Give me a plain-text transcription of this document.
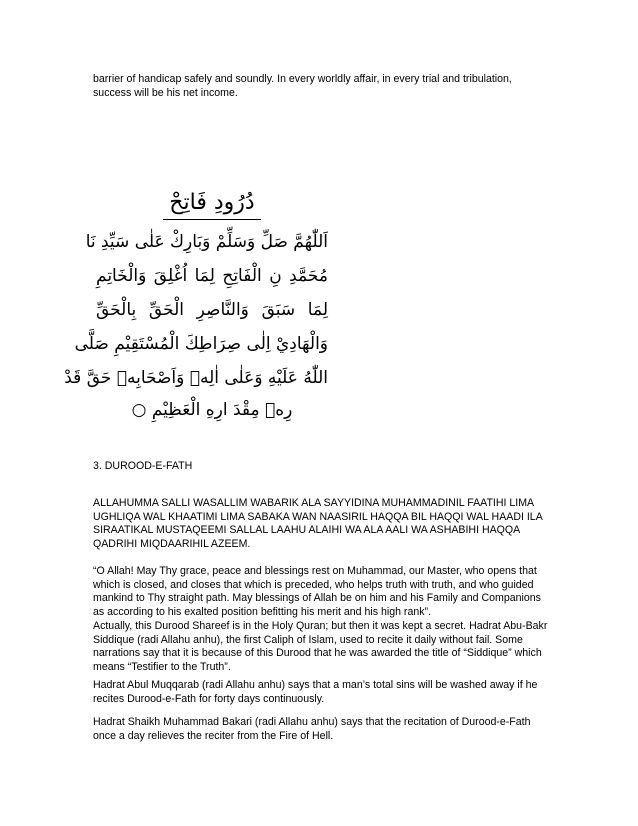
barrier of handicap safely and soundly. In every worldly affair, in every trial and tribulation, success will be his net income.

دُرُودِ فَاتِحْ
اَللّٰهُمَّ صَلِّ وَسَلِّمْ وَبَارِكْ عَلٰى سَيِّدِ نَا
مُحَمَّدِ نِ الْفَاتِحِ لِمَا اُغْلِقَ وَالْخَاتِمِ
لِمَا سَبَقَ وَالنَّاصِرِ الْحَقِّ بِالْحَقِّ
وَالْهَادِيْ اِلٰى صِرَاطِكَ الْمُسْتَقِيْمِ صَلَّى
اللّٰهُ عَلَيْهِ وَعَلٰى اٰلِهٖ وَاَصْحَابِهٖ حَقَّ قَدْ
رِهٖ مِقْدَ ارِهِ الْعَظِيْمِ ○

3. DUROOD-E-FATH

ALLAHUMMA SALLI WASALLIM WABARIK ALA SAYYIDINA MUHAMMADINIL FAATIHI LIMA UGHLIQA WAL KHAATIMI LIMA SABAKA WAN NAASIRIL HAQQA BIL HAQQI WAL HAADI ILA SIRAATIKAL MUSTAQEEMI SALLAL LAAHU ALAIHI WA ALA AALI WA ASHABIHI HAQQA QADRIHI MIQDAARIHIL AZEEM.

“O Allah! May Thy grace, peace and blessings rest on Muhammad, our Master, who opens that which is closed, and closes that which is preceded, who helps truth with truth, and who guided mankind to Thy straight path. May blessings of Allah be on him and his Family and Companions as according to his exalted position befitting his merit and his high rank”.

Actually, this Durood Shareef is in the Holy Quran; but then it was kept a secret. Hadrat Abu-Bakr Siddique (radi Allahu anhu), the first Caliph of Islam, used to recite it daily without fail. Some narrations say that it is because of this Durood that he was awarded the title of “Siddique” which means “Testifier to the Truth”.

Hadrat Abul Muqqarab (radi Allahu anhu) says that a man’s total sins will be washed away if he recites Durood-e-Fath for forty days continuously.

Hadrat Shaikh Muhammad Bakari (radi Allahu anhu) says that the recitation of Durood-e-Fath once a day relieves the reciter from the Fire of Hell.
